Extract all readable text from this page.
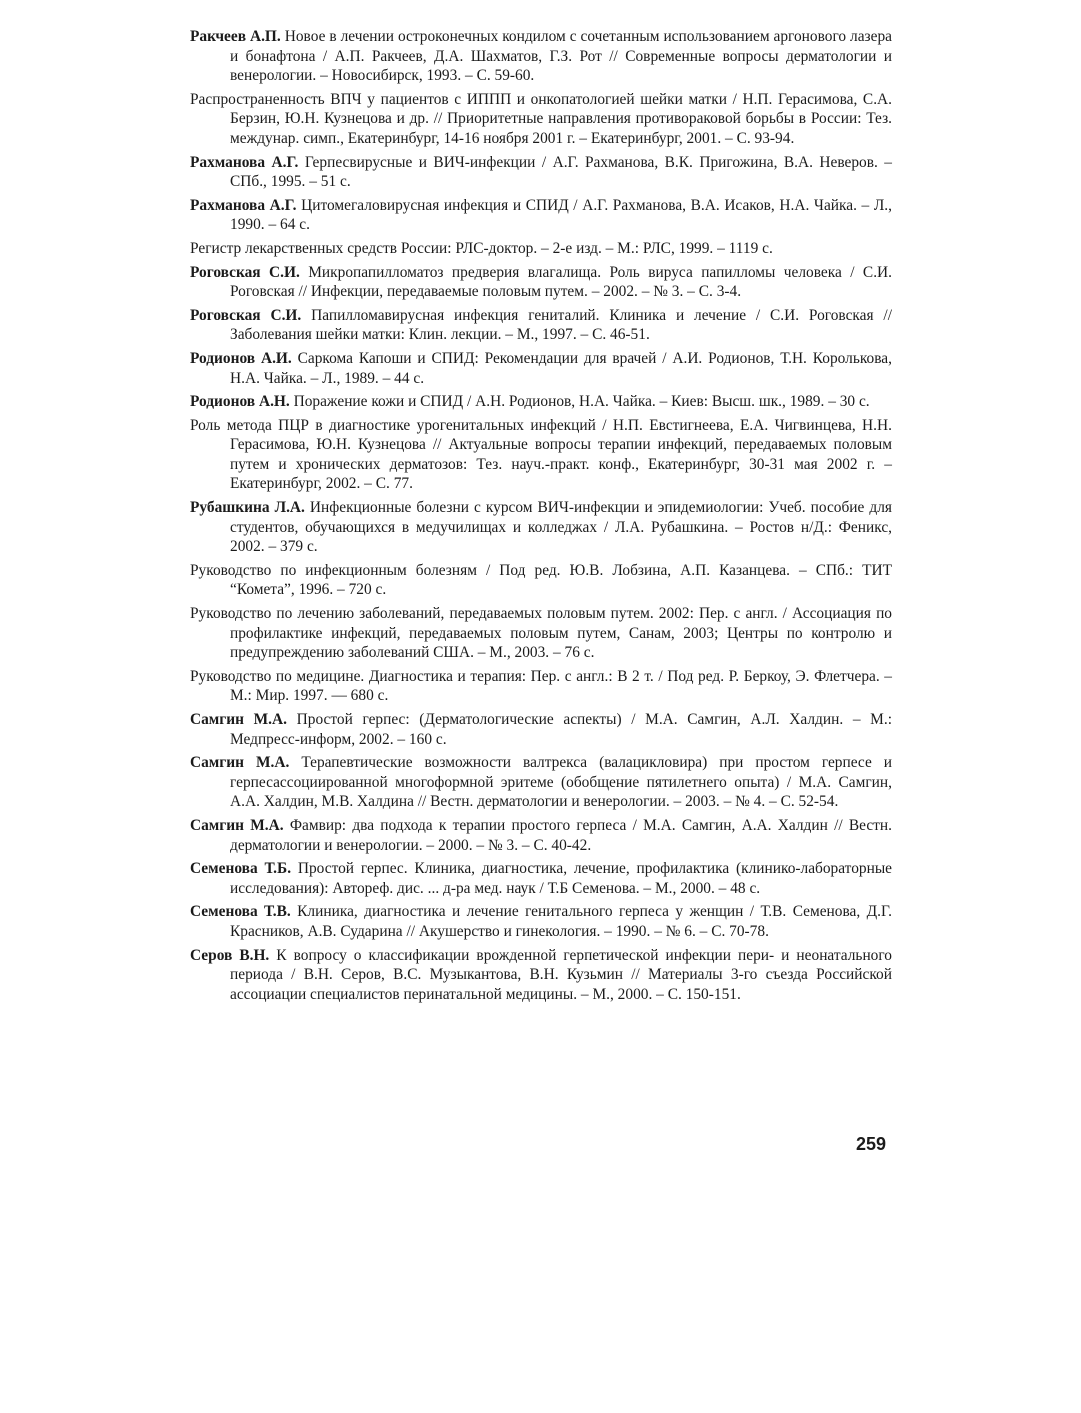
Ракчеев А.П. Новое в лечении остроконечных кондилом с сочетанным использованием аргонового лазера и бонафтона / А.П. Ракчеев, Д.А. Шахматов, Г.З. Рот // Современные вопросы дерматологии и венерологии. – Новосибирск, 1993. – С. 59-60.

Распространенность ВПЧ у пациентов с ИППП и онкопатологией шейки матки / Н.П. Герасимова, С.А. Берзин, Ю.Н. Кузнецова и др. // Приоритетные направления противораковой борьбы в России: Тез. междунар. симп., Екатеринбург, 14-16 ноября 2001 г. – Екатеринбург, 2001. – С. 93-94.

Рахманова А.Г. Герпесвирусные и ВИЧ-инфекции / А.Г. Рахманова, В.К. Пригожина, В.А. Неверов. – СПб., 1995. – 51 с.

Рахманова А.Г. Цитомегаловирусная инфекция и СПИД / А.Г. Рахманова, В.А. Исаков, Н.А. Чайка. – Л., 1990. – 64 с.

Регистр лекарственных средств России: РЛС-доктор. – 2-е изд. – М.: РЛС, 1999. – 1119 с.

Роговская С.И. Микропапилломатоз предверия влагалища. Роль вируса папилломы человека / С.И. Роговская // Инфекции, передаваемые половым путем. – 2002. – № 3. – С. 3-4.

Роговская С.И. Папилломавирусная инфекция гениталий. Клиника и лечение / С.И. Роговская // Заболевания шейки матки: Клин. лекции. – М., 1997. – С. 46-51.

Родионов А.И. Саркома Капоши и СПИД: Рекомендации для врачей / А.И. Родионов, Т.Н. Королькова, Н.А. Чайка. – Л., 1989. – 44 с.

Родионов А.Н. Поражение кожи и СПИД / А.Н. Родионов, Н.А. Чайка. – Киев: Высш. шк., 1989. – 30 с.

Роль метода ПЦР в диагностике урогенитальных инфекций / Н.П. Евстигнеева, Е.А. Чигвинцева, Н.Н. Герасимова, Ю.Н. Кузнецова // Актуальные вопросы терапии инфекций, передаваемых половым путем и хронических дерматозов: Тез. науч.-практ. конф., Екатеринбург, 30-31 мая 2002 г. – Екатеринбург, 2002. – С. 77.

Рубашкина Л.А. Инфекционные болезни с курсом ВИЧ-инфекции и эпидемиологии: Учеб. пособие для студентов, обучающихся в медучилищах и колледжах / Л.А. Рубашкина. – Ростов н/Д.: Феникс, 2002. – 379 с.

Руководство по инфекционным болезням / Под ред. Ю.В. Лобзина, А.П. Казанцева. – СПб.: ТИТ “Комета”, 1996. – 720 с.

Руководство по лечению заболеваний, передаваемых половым путем. 2002: Пер. с англ. / Ассоциация по профилактике инфекций, передаваемых половым путем, Санам, 2003; Центры по контролю и предупреждению заболеваний США. – М., 2003. – 76 с.

Руководство по медицине. Диагностика и терапия: Пер. с англ.: В 2 т. / Под ред. Р. Беркоу, Э. Флетчера. – М.: Мир. 1997. — 680 с.

Самгин М.А. Простой герпес: (Дерматологические аспекты) / М.А. Самгин, А.Л. Халдин. – М.: Медпресс-информ, 2002. – 160 с.

Самгин М.А. Терапевтические возможности валтрекса (валацикловира) при простом герпесе и герпесассоциированной многоформной эритеме (обобщение пятилетнего опыта) / М.А. Самгин, А.А. Халдин, М.В. Халдина // Вестн. дерматологии и венерологии. – 2003. – № 4. – С. 52-54.

Самгин М.А. Фамвир: два подхода к терапии простого герпеса / М.А. Самгин, А.А. Халдин // Вестн. дерматологии и венерологии. – 2000. – № 3. – С. 40-42.

Семенова Т.Б. Простой герпес. Клиника, диагностика, лечение, профилактика (клинико-лабораторные исследования): Автореф. дис. ... д-ра мед. наук / Т.Б Семенова. – М., 2000. – 48 с.

Семенова Т.В. Клиника, диагностика и лечение генитального герпеса у женщин / Т.В. Семенова, Д.Г. Красников, А.В. Сударина // Акушерство и гинекология. – 1990. – № 6. – С. 70-78.

Серов В.Н. К вопросу о классификации врожденной герпетической инфекции пери- и неонатального периода / В.Н. Серов, В.С. Музыкантова, В.Н. Кузьмин // Материалы 3-го съезда Российской ассоциации специалистов перинатальной медицины. – М., 2000. – С. 150-151.

259
